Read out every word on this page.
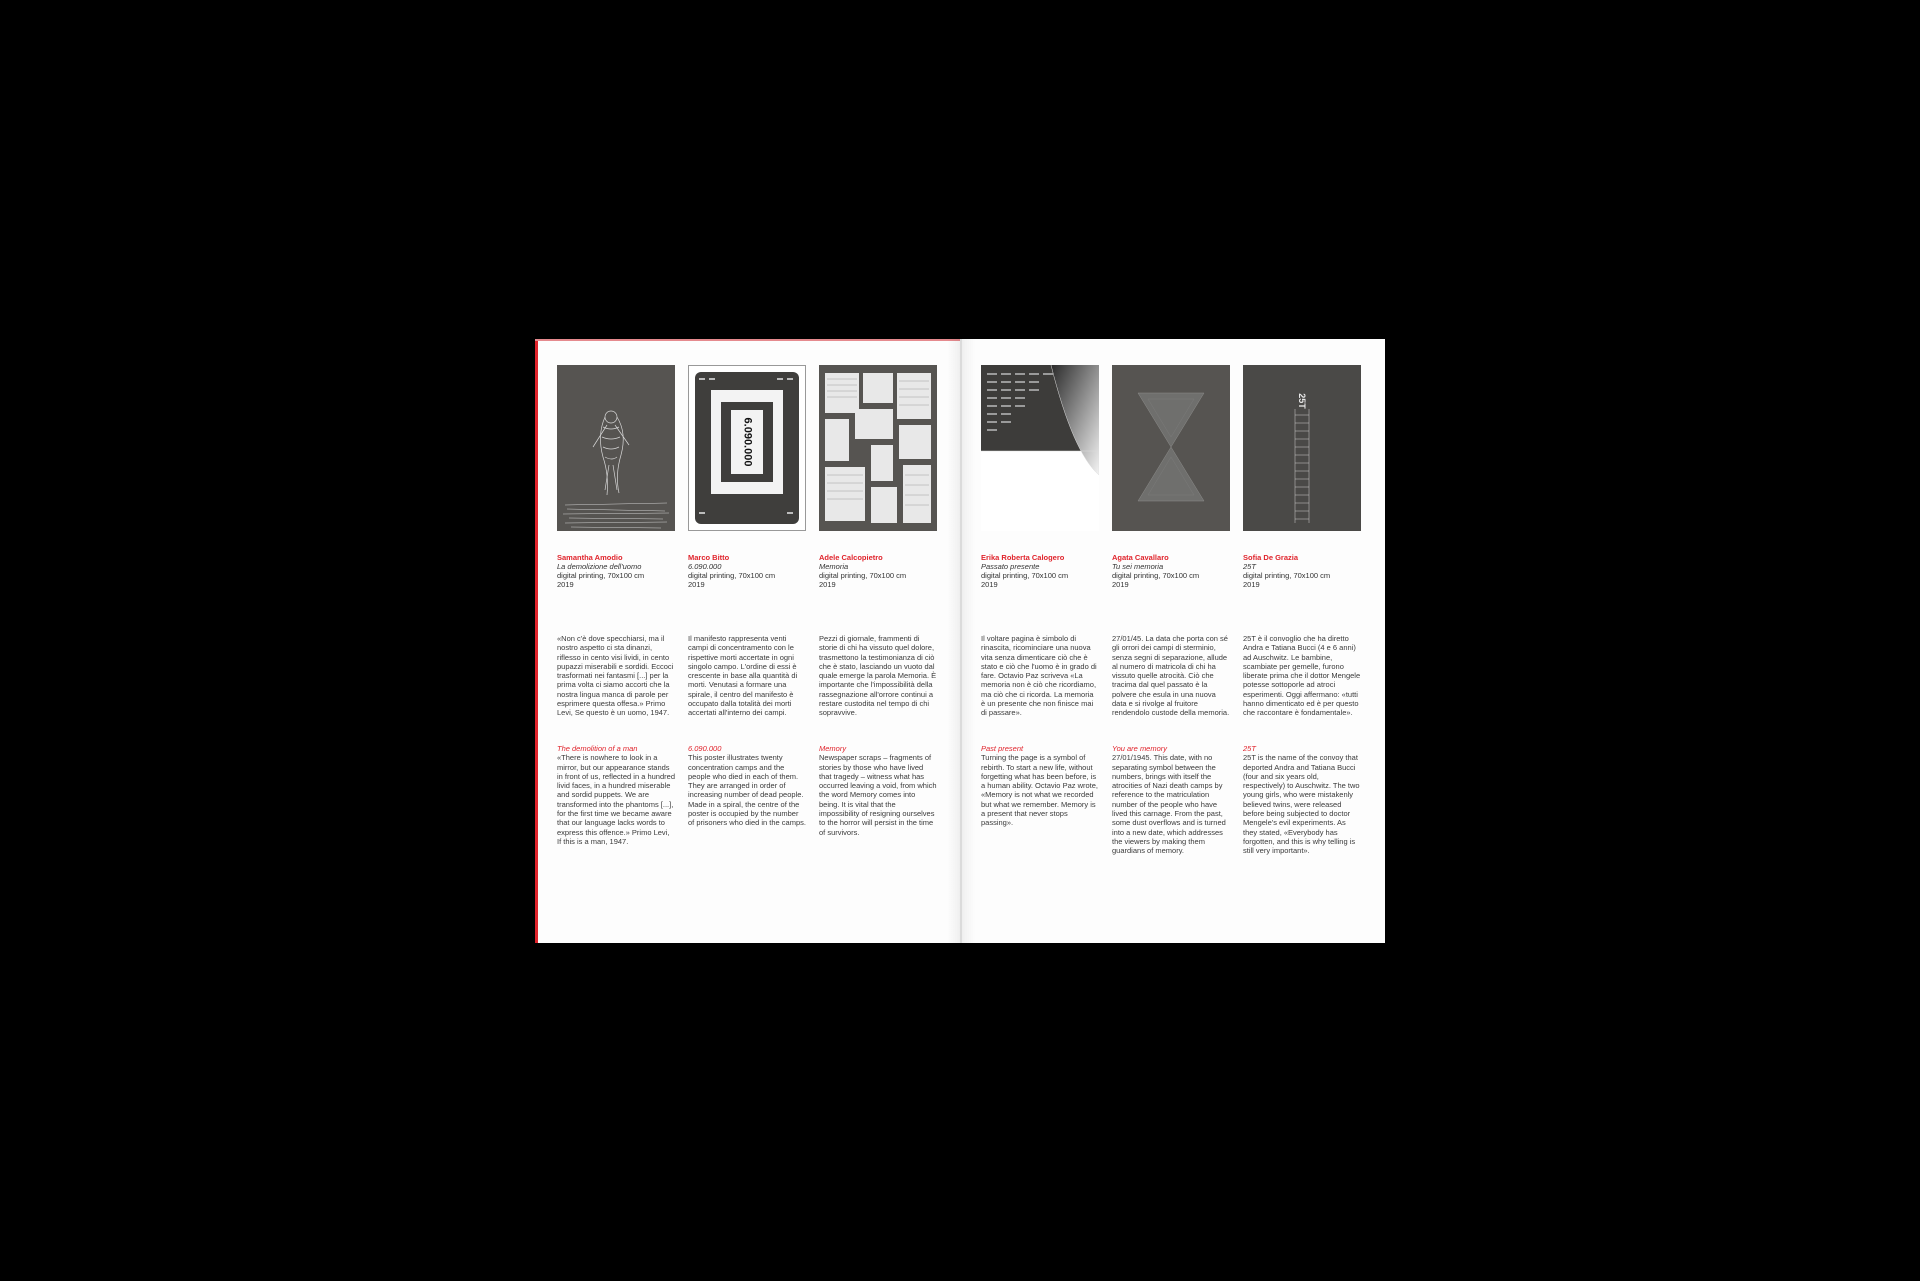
Samantha Amodio
La demolizione dell'uomo
digital printing, 70x100 cm
2019
«Non c'è dove specchiarsi, ma il nostro aspetto ci sta dinanzi, riflesso in cento visi lividi, in cento pupazzi miserabili e sordidi. Eccoci trasformati nei fantasmi [...] per la prima volta ci siamo accorti che la nostra lingua manca di parole per esprimere questa offesa.» Primo Levi, Se questo è un uomo, 1947.
The demolition of a man
«There is nowhere to look in a mirror, but our appearance stands in front of us, reflected in a hundred livid faces, in a hundred miserable and sordid puppets. We are transformed into the phantoms [...], for the first time we became aware that our language lacks words to express this offence.» Primo Levi, If this is a man, 1947.
6.090.000
Marco Bitto
6.090.000
digital printing, 70x100 cm
2019
Il manifesto rappresenta venti campi di concentramento con le rispettive morti accertate in ogni singolo campo. L'ordine di essi è crescente in base alla quantità di morti. Venutasi a formare una spirale, il centro del manifesto è occupato dalla totalità dei morti accertati all'interno dei campi.
6.090.000
This poster illustrates twenty concentration camps and the people who died in each of them. They are arranged in order of increasing number of dead people. Made in a spiral, the centre of the poster is occupied by the number of prisoners who died in the camps.
Adele Calcopietro
Memoria
digital printing, 70x100 cm
2019
Pezzi di giornale, frammenti di storie di chi ha vissuto quel dolore, trasmettono la testimonianza di ciò che è stato, lasciando un vuoto dal quale emerge la parola Memoria. È importante che l'impossibilità della rassegnazione all'orrore continui a restare custodita nel tempo di chi sopravvive.
Memory
Newspaper scraps – fragments of stories by those who have lived that tragedy – witness what has occurred leaving a void, from which the word Memory comes into being. It is vital that the impossibility of resigning ourselves to the horror will persist in the time of survivors.
Erika Roberta Calogero
Passato presente
digital printing, 70x100 cm
2019
Il voltare pagina è simbolo di rinascita, ricominciare una nuova vita senza dimenticare ciò che è stato e ciò che l'uomo è in grado di fare. Octavio Paz scriveva «La memoria non è ciò che ricordiamo, ma ciò che ci ricorda. La memoria è un presente che non finisce mai di passare».
Past present
Turning the page is a symbol of rebirth. To start a new life, without forgetting what has been before, is a human ability. Octavio Paz wrote, «Memory is not what we recorded but what we remember. Memory is a present that never stops passing».
Agata Cavallaro
Tu sei memoria
digital printing, 70x100 cm
2019
27/01/45. La data che porta con sé gli orrori dei campi di sterminio, senza segni di separazione, allude al numero di matricola di chi ha vissuto quelle atrocità. Ciò che tracima dal quel passato è la polvere che esula in una nuova data e si rivolge al fruitore rendendolo custode della memoria.
You are memory
27/01/1945. This date, with no separating symbol between the numbers, brings with itself the atrocities of Nazi death camps by reference to the matriculation number of the people who have lived this carnage. From the past, some dust overflows and is turned into a new date, which addresses the viewers by making them guardians of memory.
25T
Sofia De Grazia
25T
digital printing, 70x100 cm
2019
25T è il convoglio che ha diretto Andra e Tatiana Bucci (4 e 6 anni) ad Auschwitz. Le bambine, scambiate per gemelle, furono liberate prima che il dottor Mengele potesse sottoporle ad atroci esperimenti. Oggi affermano: «tutti hanno dimenticato ed è per questo che raccontare è fondamentale».
25T
25T is the name of the convoy that deported Andra and Tatiana Bucci (four and six years old, respectively) to Auschwitz. The two young girls, who were mistakenly believed twins, were released before being subjected to doctor Mengele's evil experiments. As they stated, «Everybody has forgotten, and this is why telling is still very important».
